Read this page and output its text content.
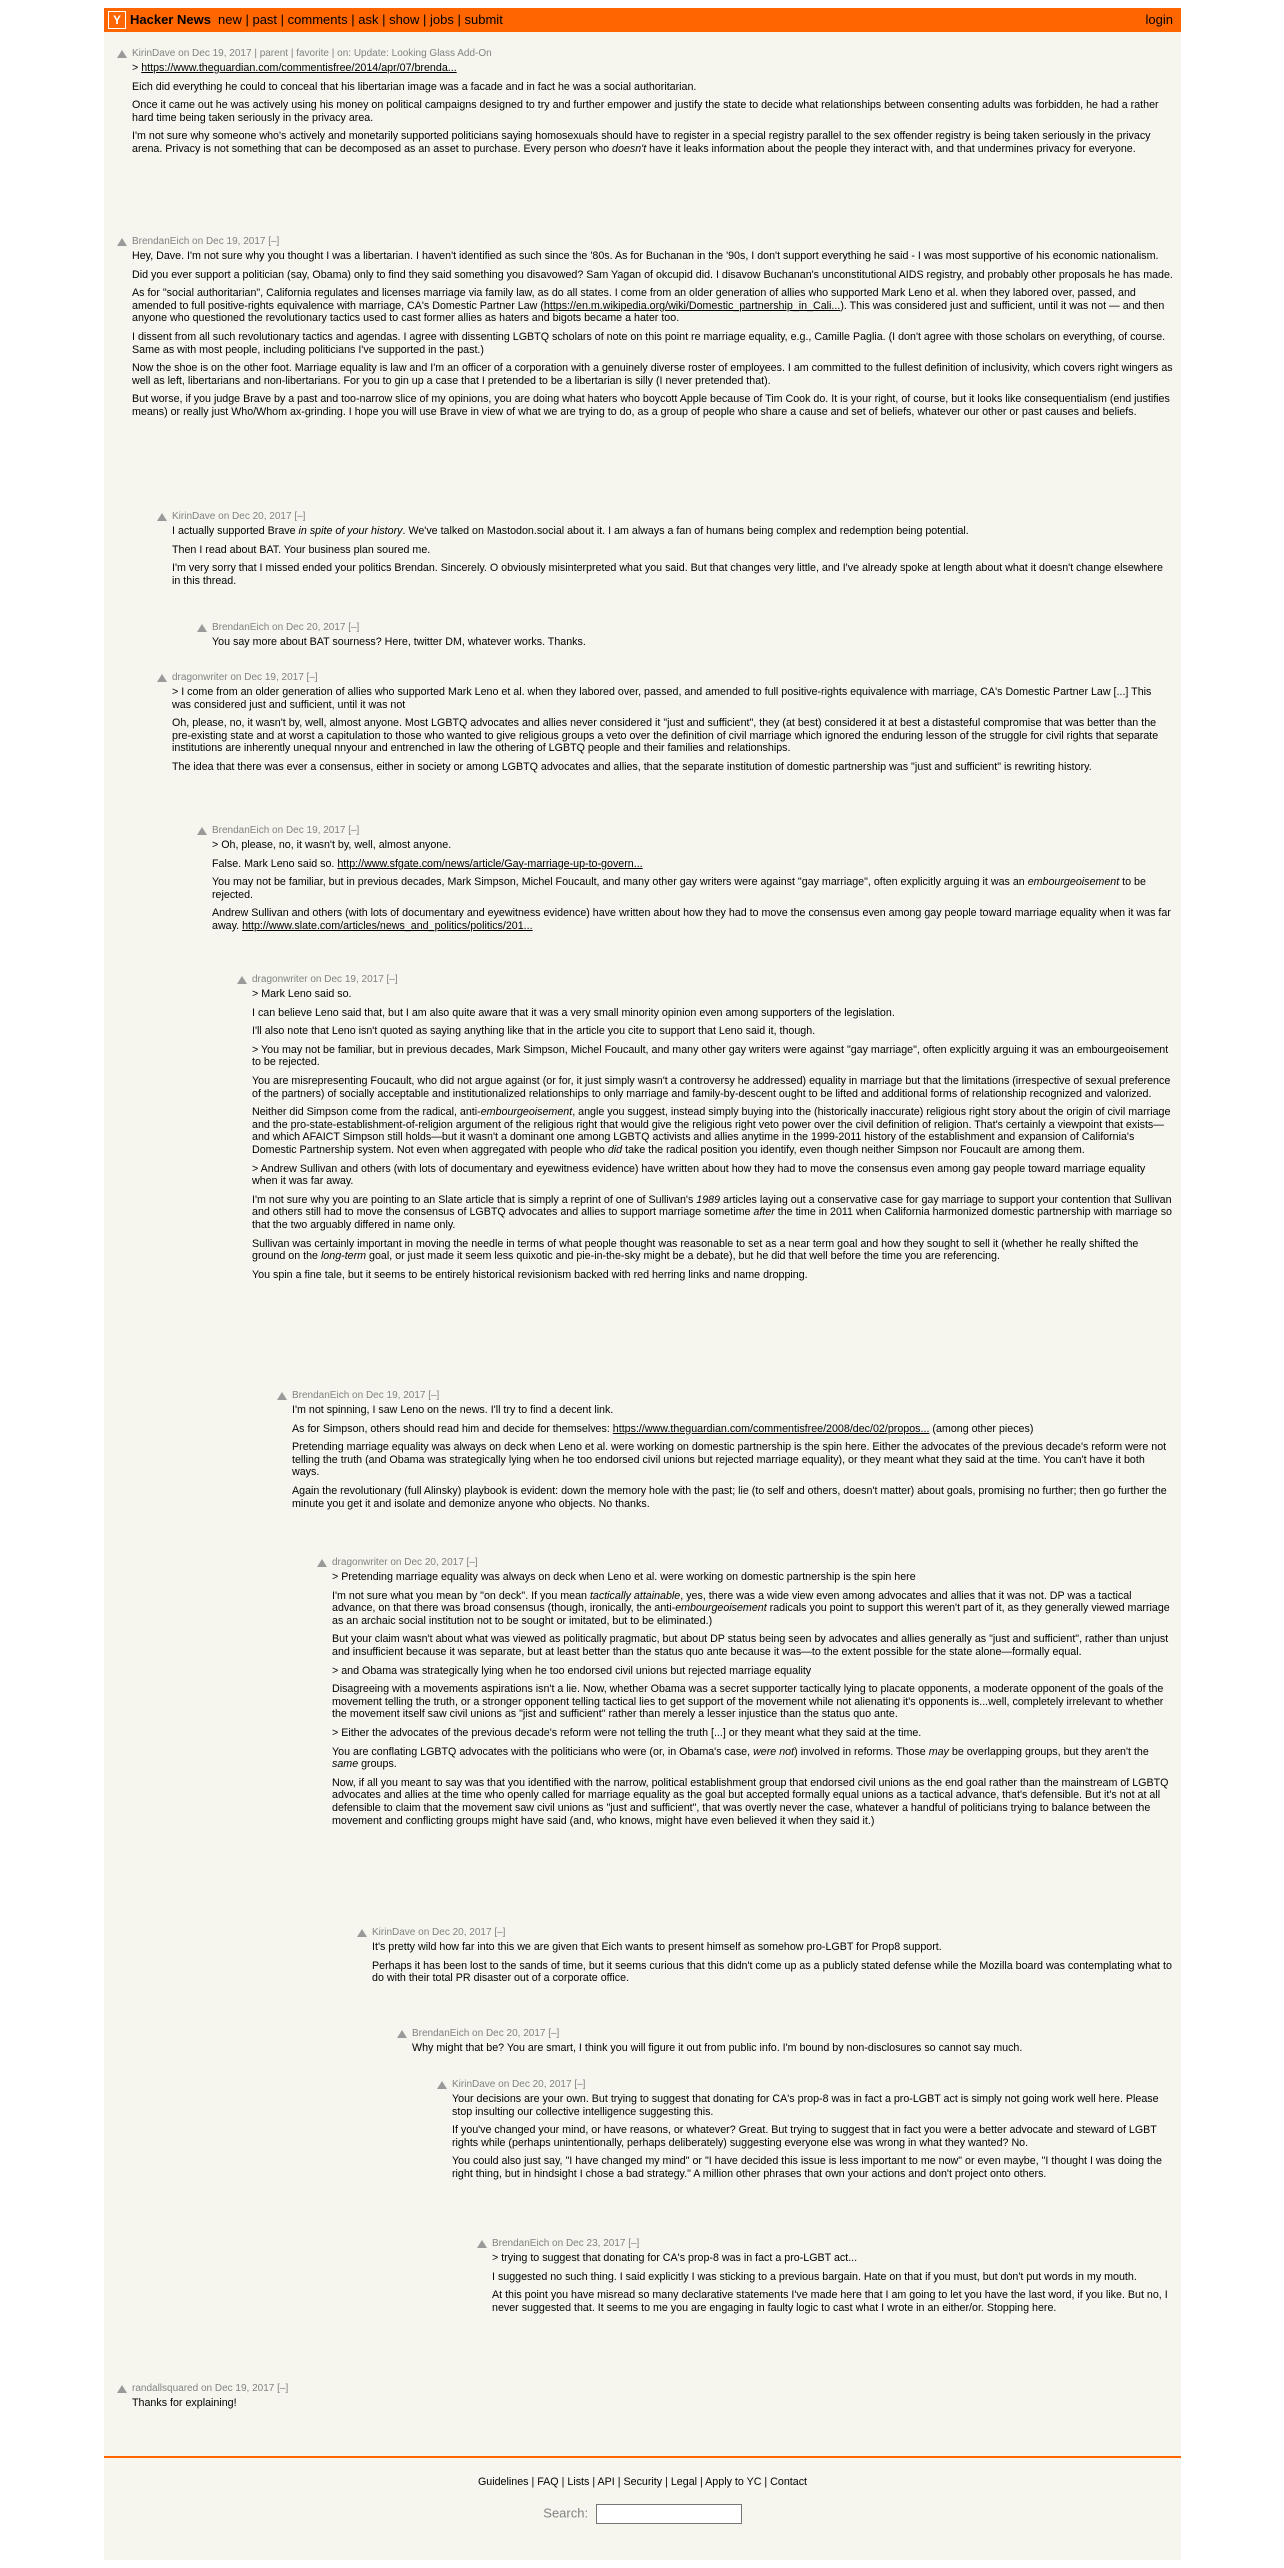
Y Hacker News new | past | comments | ask | show | jobs | submit	login
KirinDave on Dec 19, 2017 | parent | favorite | on: Update: Looking Glass Add-On

> https://www.theguardian.com/commentisfree/2014/apr/07/brenda...

Eich did everything he could to conceal that his libertarian image was a facade and in fact he was a social authoritarian.

Once it came out he was actively using his money on political campaigns designed to try and further empower and justify the state to decide what relationships between consenting adults was forbidden, he had a rather hard time being taken seriously in the privacy area.

I'm not sure why someone who's actively and monetarily supported politicians saying homosexuals should have to register in a special registry parallel to the sex offender registry is being taken seriously in the privacy arena. Privacy is not something that can be decomposed as an asset to purchase. Every person who doesn't have it leaks information about the people they interact with, and that undermines privacy for everyone.

BrendanEich on Dec 19, 2017 [–]

Hey, Dave. I'm not sure why you thought I was a libertarian. I haven't identified as such since the '80s. As for Buchanan in the '90s, I don't support everything he said - I was most supportive of his economic nationalism.

Did you ever support a politician (say, Obama) only to find they said something you disavowed? Sam Yagan of okcupid did. I disavow Buchanan's unconstitutional AIDS registry, and probably other proposals he has made.

As for "social authoritarian", California regulates and licenses marriage via family law, as do all states. I come from an older generation of allies who supported Mark Leno et al. when they labored over, passed, and amended to full positive-rights equivalence with marriage, CA's Domestic Partner Law (https://en.m.wikipedia.org/wiki/Domestic_partnership_in_Cali...). This was considered just and sufficient, until it was not — and then anyone who questioned the revolutionary tactics used to cast former allies as haters and bigots became a hater too.

I dissent from all such revolutionary tactics and agendas. I agree with dissenting LGBTQ scholars of note on this point re marriage equality, e.g., Camille Paglia. (I don't agree with those scholars on everything, of course. Same as with most people, including politicians I've supported in the past.)

Now the shoe is on the other foot. Marriage equality is law and I'm an officer of a corporation with a genuinely diverse roster of employees. I am committed to the fullest definition of inclusivity, which covers right wingers as well as left, libertarians and non-libertarians. For you to gin up a case that I pretended to be a libertarian is silly (I never pretended that).

But worse, if you judge Brave by a past and too-narrow slice of my opinions, you are doing what haters who boycott Apple because of Tim Cook do. It is your right, of course, but it looks like consequentialism (end justifies means) or really just Who/Whom ax-grinding. I hope you will use Brave in view of what we are trying to do, as a group of people who share a cause and set of beliefs, whatever our other or past causes and beliefs.

KirinDave on Dec 20, 2017 [–]

I actually supported Brave in spite of your history. We've talked on Mastodon.social about it. I am always a fan of humans being complex and redemption being potential.

Then I read about BAT. Your business plan soured me.

I'm very sorry that I missed ended your politics Brendan. Sincerely. O obviously misinterpreted what you said. But that changes very little, and I've already spoke at length about what it doesn't change elsewhere in this thread.

BrendanEich on Dec 20, 2017 [–]

You say more about BAT sourness? Here, twitter DM, whatever works. Thanks.

dragonwriter on Dec 19, 2017 [–]

> I come from an older generation of allies who supported Mark Leno et al. when they labored over, passed, and amended to full positive-rights equivalence with marriage, CA's Domestic Partner Law [...] This was considered just and sufficient, until it was not

Oh, please, no, it wasn't by, well, almost anyone. Most LGBTQ advocates and allies never considered it "just and sufficient", they (at best) considered it at best a distasteful compromise that was better than the pre-existing state and at worst a capitulation to those who wanted to give religious groups a veto over the definition of civil marriage which ignored the enduring lesson of the struggle for civil rights that separate institutions are inherently unequal nnyour and entrenched in law the othering of LGBTQ people and their families and relationships.

The idea that there was ever a consensus, either in society or among LGBTQ advocates and allies, that the separate institution of domestic partnership was "just and sufficient" is rewriting history.

BrendanEich on Dec 19, 2017 [–]

> Oh, please, no, it wasn't by, well, almost anyone.

False. Mark Leno said so. http://www.sfgate.com/news/article/Gay-marriage-up-to-govern...

You may not be familiar, but in previous decades, Mark Simpson, Michel Foucault, and many other gay writers were against "gay marriage", often explicitly arguing it was an embourgeoisement to be rejected.

Andrew Sullivan and others (with lots of documentary and eyewitness evidence) have written about how they had to move the consensus even among gay people toward marriage equality when it was far away. http://www.slate.com/articles/news_and_politics/politics/201...

dragonwriter on Dec 19, 2017 [–]

> Mark Leno said so.

I can believe Leno said that, but I am also quite aware that it was a very small minority opinion even among supporters of the legislation.

I'll also note that Leno isn't quoted as saying anything like that in the article you cite to support that Leno said it, though.

> You may not be familiar, but in previous decades, Mark Simpson, Michel Foucault, and many other gay writers were against "gay marriage", often explicitly arguing it was an embourgeoisement to be rejected.

You are misrepresenting Foucault, who did not argue against (or for, it just simply wasn't a controversy he addressed) equality in marriage but that the limitations (irrespective of sexual preference of the partners) of socially acceptable and institutionalized relationships to only marriage and family-by-descent ought to be lifted and additional forms of relationship recognized and valorized.

Neither did Simpson come from the radical, anti-embourgeoisement, angle you suggest, instead simply buying into the (historically inaccurate) religious right story about the origin of civil marriage and the pro-state-establishment-of-religion argument of the religious right that would give the religious right veto power over the civil definition of religion. That's certainly a viewpoint that exists—and which AFAICT Simpson still holds—but it wasn't a dominant one among LGBTQ activists and allies anytime in the 1999-2011 history of the establishment and expansion of California's Domestic Partnership system. Not even when aggregated with people who did take the radical position you identify, even though neither Simpson nor Foucault are among them.

> Andrew Sullivan and others (with lots of documentary and eyewitness evidence) have written about how they had to move the consensus even among gay people toward marriage equality when it was far away.

I'm not sure why you are pointing to an Slate article that is simply a reprint of one of Sullivan's 1989 articles laying out a conservative case for gay marriage to support your contention that Sullivan and others still had to move the consensus of LGBTQ advocates and allies to support marriage sometime after the time in 2011 when California harmonized domestic partnership with marriage so that the two arguably differed in name only.

Sullivan was certainly important in moving the needle in terms of what people thought was reasonable to set as a near term goal and how they sought to sell it (whether he really shifted the ground on the long-term goal, or just made it seem less quixotic and pie-in-the-sky might be a debate), but he did that well before the time you are referencing.

You spin a fine tale, but it seems to be entirely historical revisionism backed with red herring links and name dropping.

BrendanEich on Dec 19, 2017 [–]

I'm not spinning, I saw Leno on the news. I'll try to find a decent link.

As for Simpson, others should read him and decide for themselves: https://www.theguardian.com/commentisfree/2008/dec/02/propos... (among other pieces)

Pretending marriage equality was always on deck when Leno et al. were working on domestic partnership is the spin here. Either the advocates of the previous decade's reform were not telling the truth (and Obama was strategically lying when he too endorsed civil unions but rejected marriage equality), or they meant what they said at the time. You can't have it both ways.

Again the revolutionary (full Alinsky) playbook is evident: down the memory hole with the past; lie (to self and others, doesn't matter) about goals, promising no further; then go further the minute you get it and isolate and demonize anyone who objects. No thanks.

dragonwriter on Dec 20, 2017 [–]

> Pretending marriage equality was always on deck when Leno et al. were working on domestic partnership is the spin here

I'm not sure what you mean by "on deck". If you mean tactically attainable, yes, there was a wide view even among advocates and allies that it was not. DP was a tactical advance, on that there was broad consensus (though, ironically, the anti-embourgeoisement radicals you point to support this weren't part of it, as they generally viewed marriage as an archaic social institution not to be sought or imitated, but to be eliminated.)

But your claim wasn't about what was viewed as politically pragmatic, but about DP status being seen by advocates and allies generally as "just and sufficient", rather than unjust and insufficient because it was separate, but at least better than the status quo ante because it was—to the extent possible for the state alone—formally equal.

> and Obama was strategically lying when he too endorsed civil unions but rejected marriage equality

Disagreeing with a movements aspirations isn't a lie. Now, whether Obama was a secret supporter tactically lying to placate opponents, a moderate opponent of the goals of the movement telling the truth, or a stronger opponent telling tactical lies to get support of the movement while not alienating it's opponents is...well, completely irrelevant to whether the movement itself saw civil unions as "jist and sufficient" rather than merely a lesser injustice than the status quo ante.

> Either the advocates of the previous decade's reform were not telling the truth [...] or they meant what they said at the time.

You are conflating LGBTQ advocates with the politicians who were (or, in Obama's case, were not) involved in reforms. Those may be overlapping groups, but they aren't the same groups.

Now, if all you meant to say was that you identified with the narrow, political establishment group that endorsed civil unions as the end goal rather than the mainstream of LGBTQ advocates and allies at the time who openly called for marriage equality as the goal but accepted formally equal unions as a tactical advance, that's defensible. But it's not at all defensible to claim that the movement saw civil unions as "just and sufficient", that was overtly never the case, whatever a handful of politicians trying to balance between the movement and conflicting groups might have said (and, who knows, might have even believed it when they said it.)

KirinDave on Dec 20, 2017 [–]

It's pretty wild how far into this we are given that Eich wants to present himself as somehow pro-LGBT for Prop8 support.

Perhaps it has been lost to the sands of time, but it seems curious that this didn't come up as a publicly stated defense while the Mozilla board was contemplating what to do with their total PR disaster out of a corporate office.

BrendanEich on Dec 20, 2017 [–]

Why might that be? You are smart, I think you will figure it out from public info. I'm bound by non-disclosures so cannot say much.

KirinDave on Dec 20, 2017 [–]

Your decisions are your own. But trying to suggest that donating for CA's prop-8 was in fact a pro-LGBT act is simply not going work well here. Please stop insulting our collective intelligence suggesting this.

If you've changed your mind, or have reasons, or whatever? Great. But trying to suggest that in fact you were a better advocate and steward of LGBT rights while (perhaps unintentionally, perhaps deliberately) suggesting everyone else was wrong in what they wanted? No.

You could also just say, "I have changed my mind" or "I have decided this issue is less important to me now" or even maybe, "I thought I was doing the right thing, but in hindsight I chose a bad strategy." A million other phrases that own your actions and don't project onto others.

BrendanEich on Dec 23, 2017 [–]

> trying to suggest that donating for CA's prop-8 was in fact a pro-LGBT act...

I suggested no such thing. I said explicitly I was sticking to a previous bargain. Hate on that if you must, but don't put words in my mouth.

At this point you have misread so many declarative statements I've made here that I am going to let you have the last word, if you like. But no, I never suggested that. It seems to me you are engaging in faulty logic to cast what I wrote in an either/or. Stopping here.

randallsquared on Dec 19, 2017 [–]

Thanks for explaining!

Guidelines | FAQ | Lists | API | Security | Legal | Apply to YC | Contact
Search:
